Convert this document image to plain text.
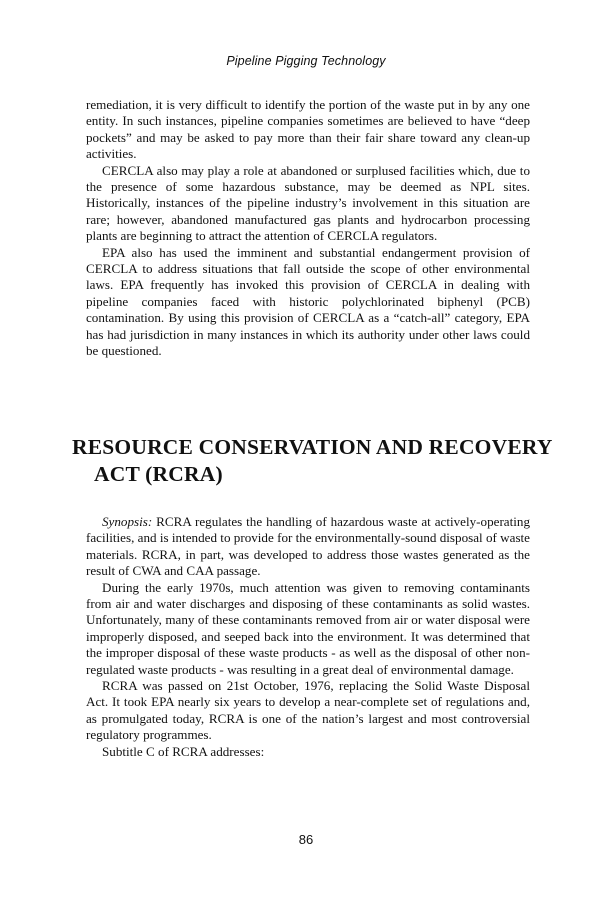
Pipeline Pigging Technology

remediation, it is very difficult to identify the portion of the waste put in by any one entity. In such instances, pipeline companies sometimes are believed to have “deep pockets” and may be asked to pay more than their fair share toward any clean-up activities.

CERCLA also may play a role at abandoned or surplused facilities which, due to the presence of some hazardous substance, may be deemed as NPL sites. Historically, instances of the pipeline industry’s involvement in this situation are rare; however, abandoned manufactured gas plants and hydrocarbon processing plants are beginning to attract the attention of CERCLA regulators.

EPA also has used the imminent and substantial endangerment provision of CERCLA to address situations that fall outside the scope of other environmental laws. EPA frequently has invoked this provision of CERCLA in dealing with pipeline companies faced with historic polychlorinated biphenyl (PCB) contamination. By using this provision of CERCLA as a “catch-all” category, EPA has had jurisdiction in many instances in which its authority under other laws could be questioned.

RESOURCE CONSERVATION AND RECOVERY ACT (RCRA)

Synopsis: RCRA regulates the handling of hazardous waste at actively-operating facilities, and is intended to provide for the environmentally-sound disposal of waste materials. RCRA, in part, was developed to address those wastes generated as the result of CWA and CAA passage.

During the early 1970s, much attention was given to removing contaminants from air and water discharges and disposing of these contaminants as solid wastes. Unfortunately, many of these contaminants removed from air or water disposal were improperly disposed, and seeped back into the environment. It was determined that the improper disposal of these waste products - as well as the disposal of other non-regulated waste products - was resulting in a great deal of environmental damage.

RCRA was passed on 21st October, 1976, replacing the Solid Waste Disposal Act. It took EPA nearly six years to develop a near-complete set of regulations and, as promulgated today, RCRA is one of the nation’s largest and most controversial regulatory programmes.

Subtitle C of RCRA addresses:

86
